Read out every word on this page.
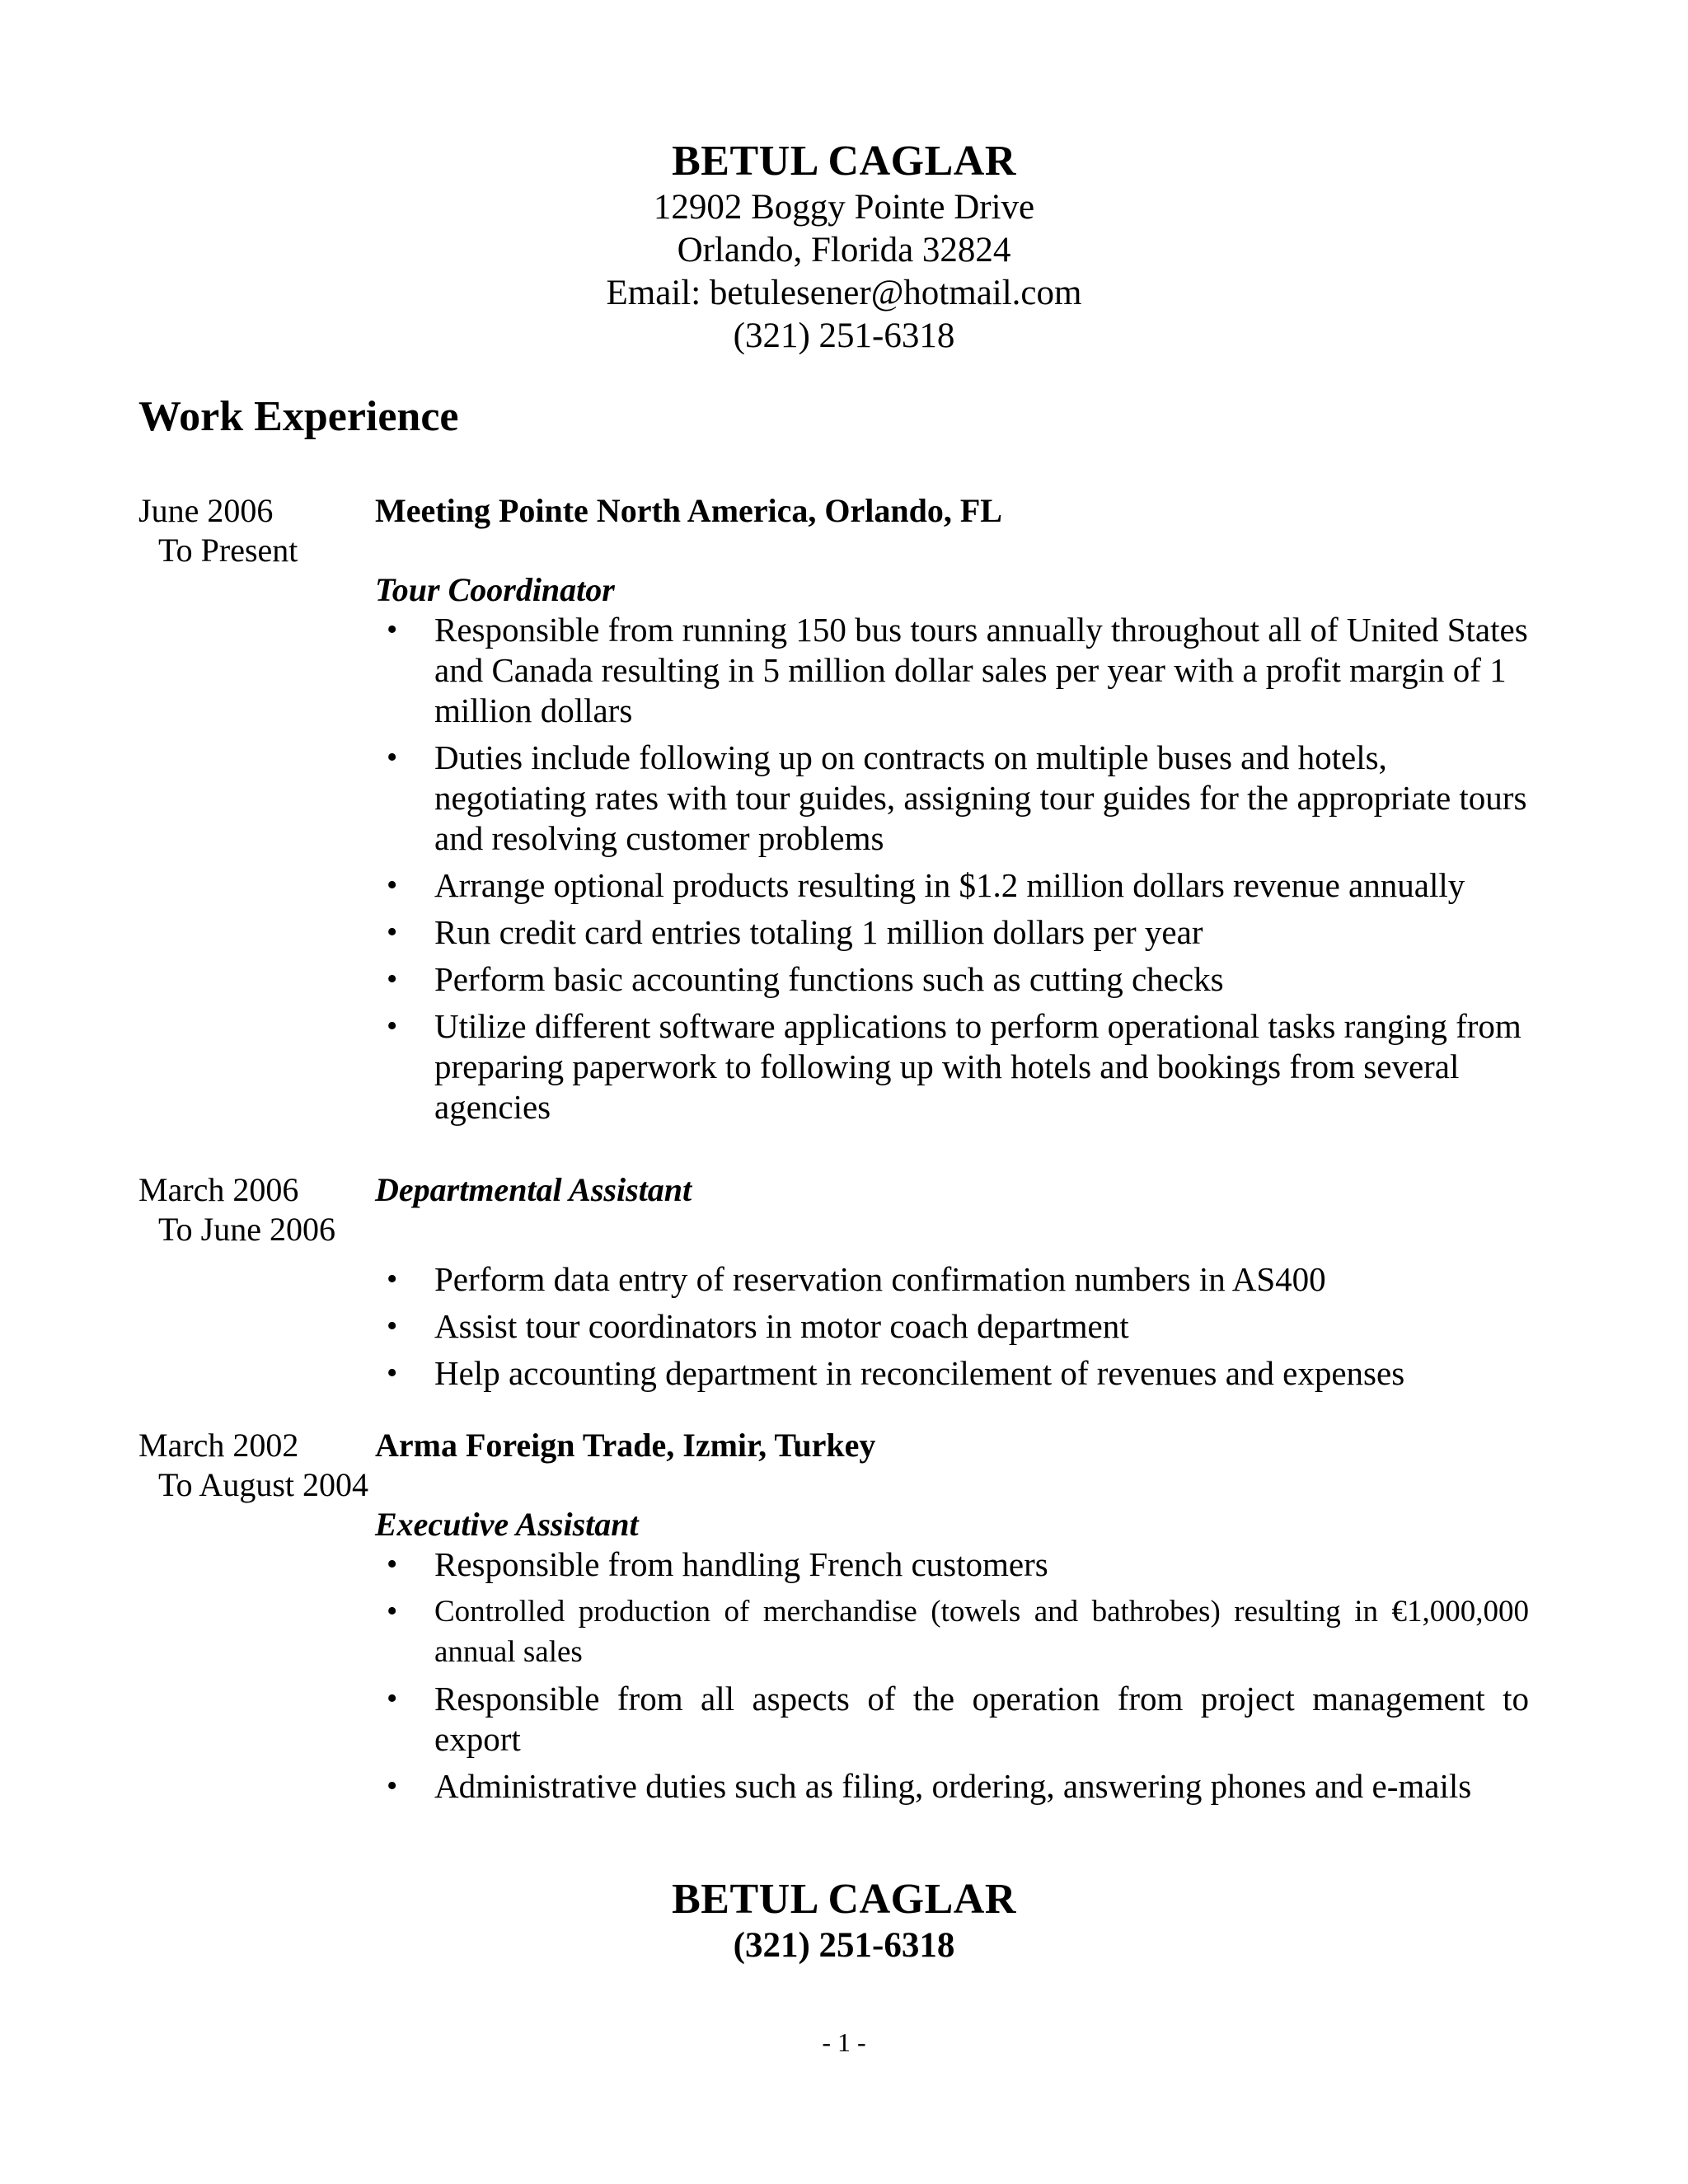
BETUL CAGLAR
12902 Boggy Pointe Drive
Orlando, Florida 32824
Email: betulesener@hotmail.com
(321) 251-6318
Work Experience
June 2006
To Present
Meeting Pointe North America, Orlando, FL
Tour Coordinator
• Responsible from running 150 bus tours annually throughout all of United States and Canada resulting in 5 million dollar sales per year with a profit margin of 1 million dollars
• Duties include following up on contracts on multiple buses and hotels, negotiating rates with tour guides, assigning tour guides for the appropriate tours and resolving customer problems
• Arrange optional products resulting in $1.2 million dollars revenue annually
• Run credit card entries totaling 1 million dollars per year
• Perform basic accounting functions such as cutting checks
• Utilize different software applications to perform operational tasks ranging from preparing paperwork to following up with hotels and bookings from several agencies
March 2006
To June 2006
Departmental Assistant
• Perform data entry of reservation confirmation numbers in AS400
• Assist tour coordinators in motor coach department
• Help accounting department in reconcilement of revenues and expenses
March 2002
To August 2004
Arma Foreign Trade, Izmir, Turkey
Executive Assistant
• Responsible from handling French customers
• Controlled production of merchandise (towels and bathrobes) resulting in €1,000,000 annual sales
• Responsible from all aspects of the operation from project management to export
• Administrative duties such as filing, ordering, answering phones and e-mails
BETUL CAGLAR
(321) 251-6318
- 1 -
